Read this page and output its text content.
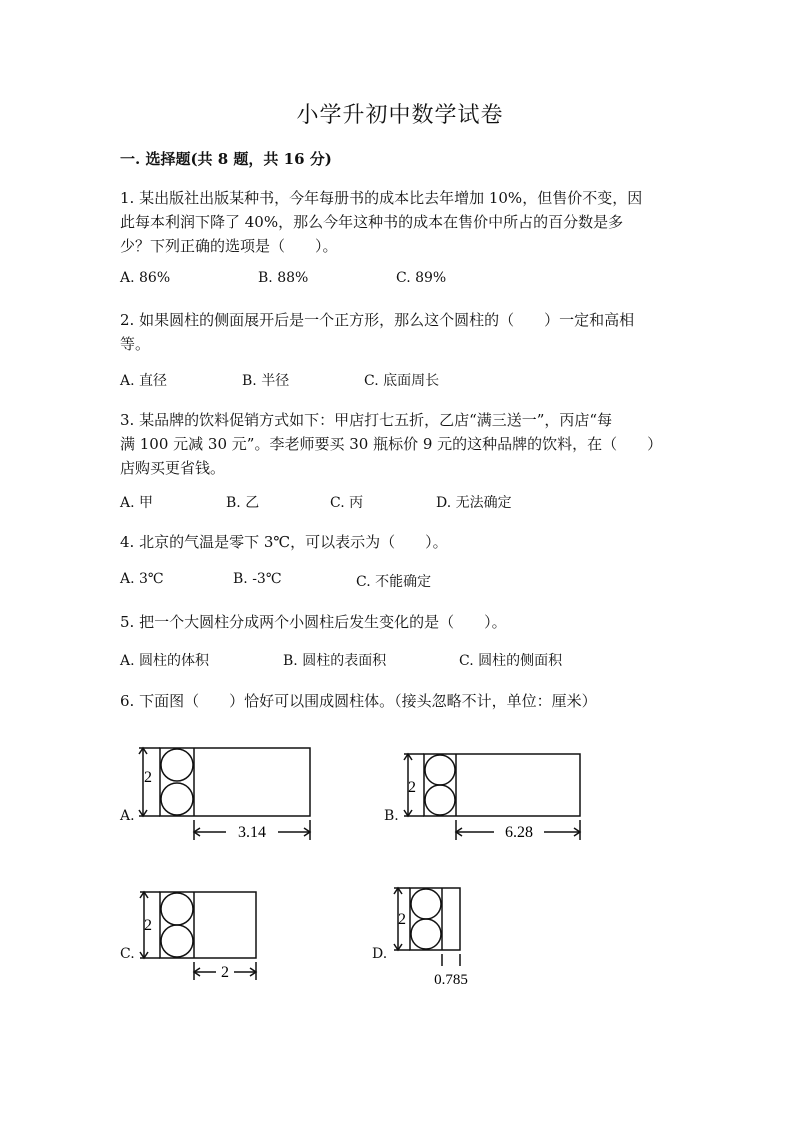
小学升初中数学试卷
一. 选择题(共 8 题，共 16 分)
1. 某出版社出版某种书，今年每册书的成本比去年增加 10%，但售价不变，因
此每本利润下降了 40%，那么今年这种书的成本在售价中所占的百分数是多
少？下列正确的选项是（　　）。
A. 86%	B. 88%	C. 89%
2. 如果圆柱的侧面展开后是一个正方形，那么这个圆柱的（　　）一定和高相
等。
A. 直径	B. 半径	C. 底面周长
3. 某品牌的饮料促销方式如下：甲店打七五折，乙店“满三送一”，丙店“每
满 100 元减 30 元”。李老师要买 30 瓶标价 9 元的这种品牌的饮料，在（　　）
店购买更省钱。
A. 甲	B. 乙	C. 丙	D. 无法确定
4. 北京的气温是零下 3℃，可以表示为（　　）。
A. 3℃	B. -3℃	C. 不能确定
5. 把一个大圆柱分成两个小圆柱后发生变化的是（　　）。
A. 圆柱的体积	B. 圆柱的表面积	C. 圆柱的侧面积
6. 下面图（　　）恰好可以围成圆柱体。（接头忽略不计，单位：厘米）
A.
2
3.14
B.
2
6.28
C.
2
2
D.
2
0.785
